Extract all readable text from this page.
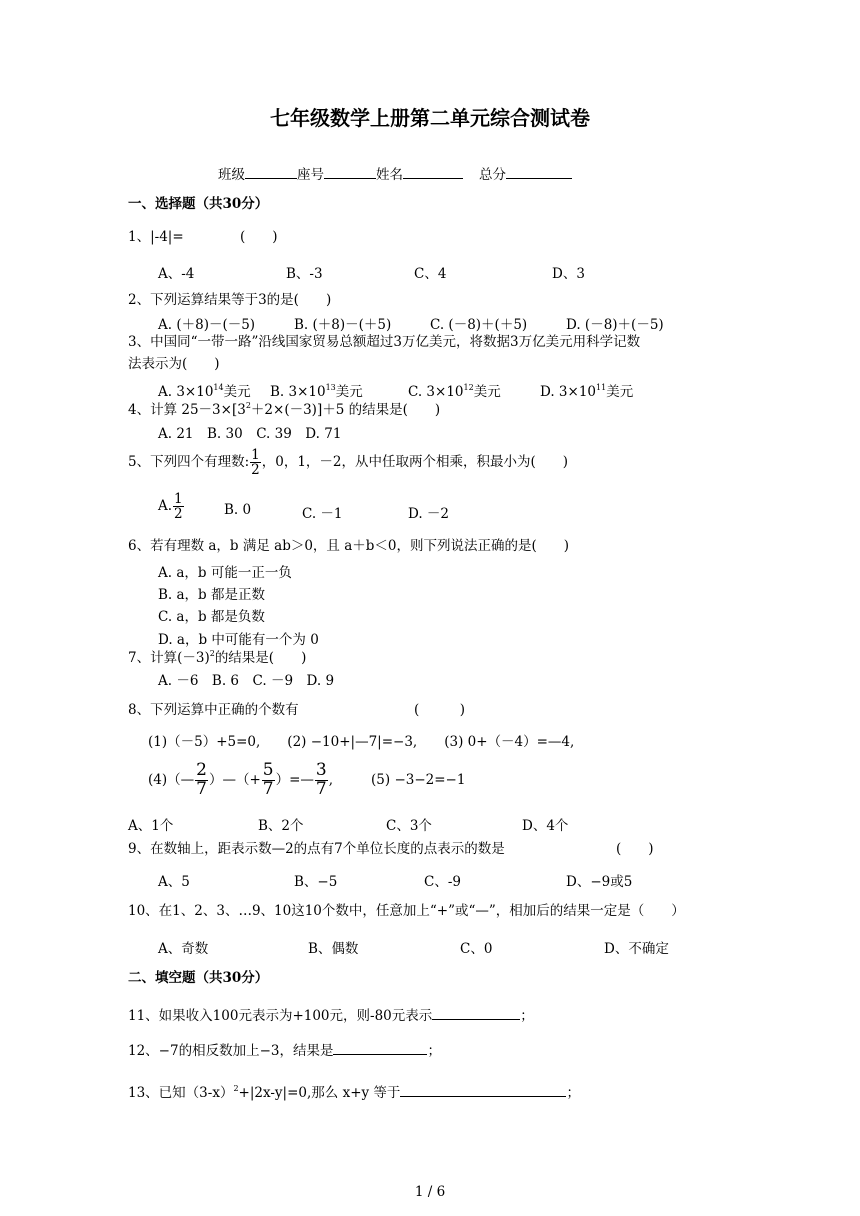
七年级数学上册第二单元综合测试卷
班级	座号	姓名	总分
一、选择题（共30分）
1、|-4|=	(　　)
A、-4	B、-3	C、4	D、3
2、下列运算结果等于3的是(　　)
A. (＋8)－(－5)	B. (＋8)－(＋5)	C. (－8)＋(＋5)	D. (－8)＋(－5)
3、中国同“一带一路”沿线国家贸易总额超过3万亿美元，将数据3万亿美元用科学记数
法表示为(　　)
A. $3\times 10^{14}$美元 B. $3\times 10^{13}$美元	C. $3\times 10^{12}$美元	D. $3\times 10^{11}$美元
4、计算 $25-3\times[3^2+2\times(-3)]+5$ 的结果是(　　)
A. 21　B. 30　C. 39　D. 71
5、下列四个有理数: $\frac{1}{2}$ ，0，1，－2，从中任取两个相乘，积最小为(　　)
A. $\frac{1}{2}$	B. 0	C. －1	D. －2
6、若有理数 a，b 满足 ab＞0，且 a＋b＜0，则下列说法正确的是(　　)
A. a，b 可能一正一负
B. a，b 都是正数
C. a，b 都是负数
D. a，b 中可能有一个为 0
7、计算$(-3)^2$的结果是(　　)
A. －6　B. 6　C. －9　D. 9
8、下列运算中正确的个数有	(　　　)
(1)（－5）+5=0,　　(2) −10+|—7|=−3,　　(3) 0+（－4）=—4,
(4)（— $\frac{2}{7}$ ）—（+ $\frac{5}{7}$ ）=— $\frac{3}{7}$ ,	(5) −3−2=−1
A、1个	B、2个	C、3个	D、4个
9、在数轴上，距表示数—2的点有7个单位长度的点表示的数是	(　　)
A、5	B、−5	C、-9	D、−9或5
10、在1、2、3、…9、10这10个数中，任意加上“+”或“—”，相加后的结果一定是（　　）
A、奇数	B、偶数	C、0	D、不确定
二、填空题（共30分）
11、如果收入100元表示为+100元，则-80元表示	；
12、−7的相反数加上−3，结果是	；
13、已知$(3-x)^2+|2x-y|=0$,那么 x+y 等于	；
1 / 6
